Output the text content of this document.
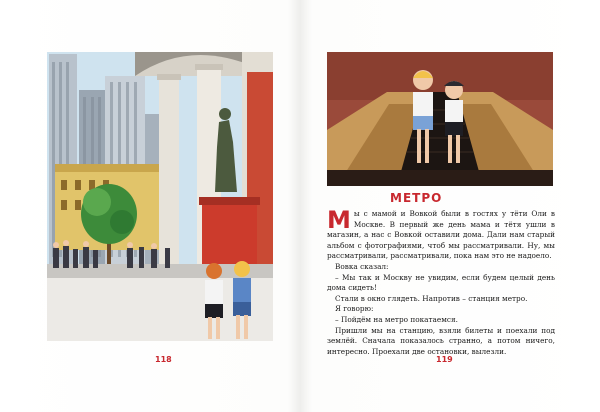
118
МЕТРО

Мы с мамой и Вовкой были в гостях у тёти Оли в Москве. В первый же день мама и тётя ушли в магазин, а нас с Вовкой оставили дома. Дали нам старый альбом с фотографиями, чтоб мы рассматривали. Ну, мы рассматривали, рассматривали, пока нам это не надоело.

Вовка сказал:

– Мы так и Москву не увидим, если будем целый день дома сидеть!

Стали в окно глядеть. Напротив – станция метро.

Я говорю:

– Пойдём на метро покатаемся.

Пришли мы на станцию, взяли билеты и поехали под землёй. Сначала показалось странно, а потом ничего, интересно. Проехали две остановки, вылезли.

119
